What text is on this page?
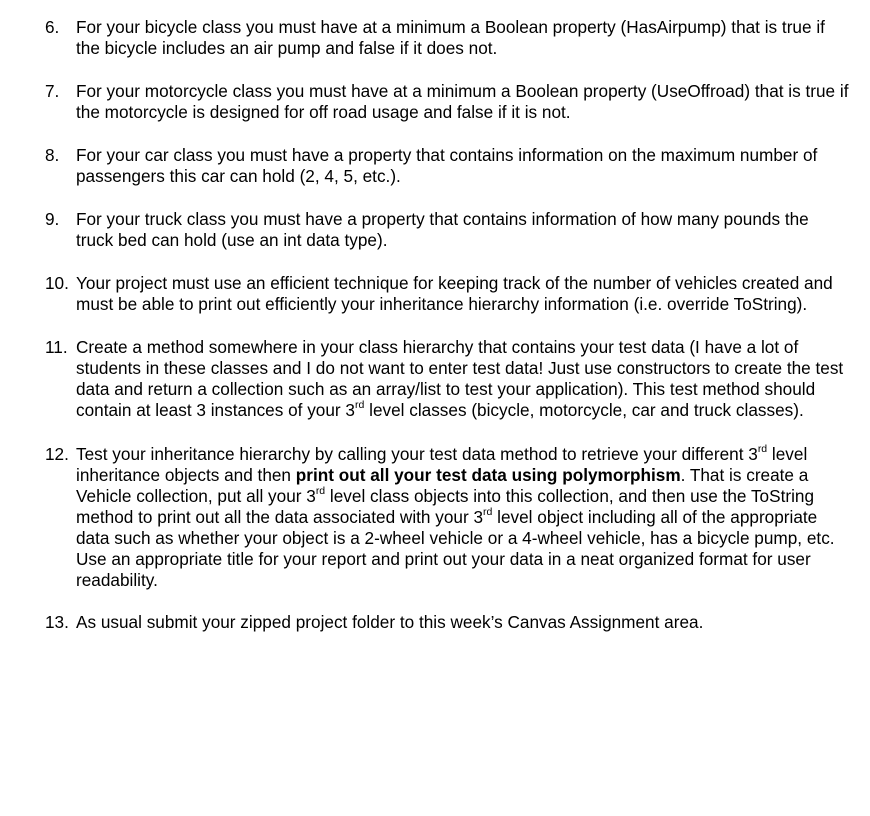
6. For your bicycle class you must have at a minimum a Boolean property (HasAirpump) that is true if the bicycle includes an air pump and false if it does not.
7. For your motorcycle class you must have at a minimum a Boolean property (UseOffroad) that is true if the motorcycle is designed for off road usage and false if it is not.
8. For your car class you must have a property that contains information on the maximum number of passengers this car can hold (2, 4, 5, etc.).
9. For your truck class you must have a property that contains information of how many pounds the truck bed can hold (use an int data type).
10. Your project must use an efficient technique for keeping track of the number of vehicles created and must be able to print out efficiently your inheritance hierarchy information (i.e. override ToString).
11. Create a method somewhere in your class hierarchy that contains your test data (I have a lot of students in these classes and I do not want to enter test data! Just use constructors to create the test data and return a collection such as an array/list to test your application). This test method should contain at least 3 instances of your 3rd level classes (bicycle, motorcycle, car and truck classes).
12. Test your inheritance hierarchy by calling your test data method to retrieve your different 3rd level inheritance objects and then print out all your test data using polymorphism. That is create a Vehicle collection, put all your 3rd level class objects into this collection, and then use the ToString method to print out all the data associated with your 3rd level object including all of the appropriate data such as whether your object is a 2-wheel vehicle or a 4-wheel vehicle, has a bicycle pump, etc. Use an appropriate title for your report and print out your data in a neat organized format for user readability.
13. As usual submit your zipped project folder to this week’s Canvas Assignment area.
